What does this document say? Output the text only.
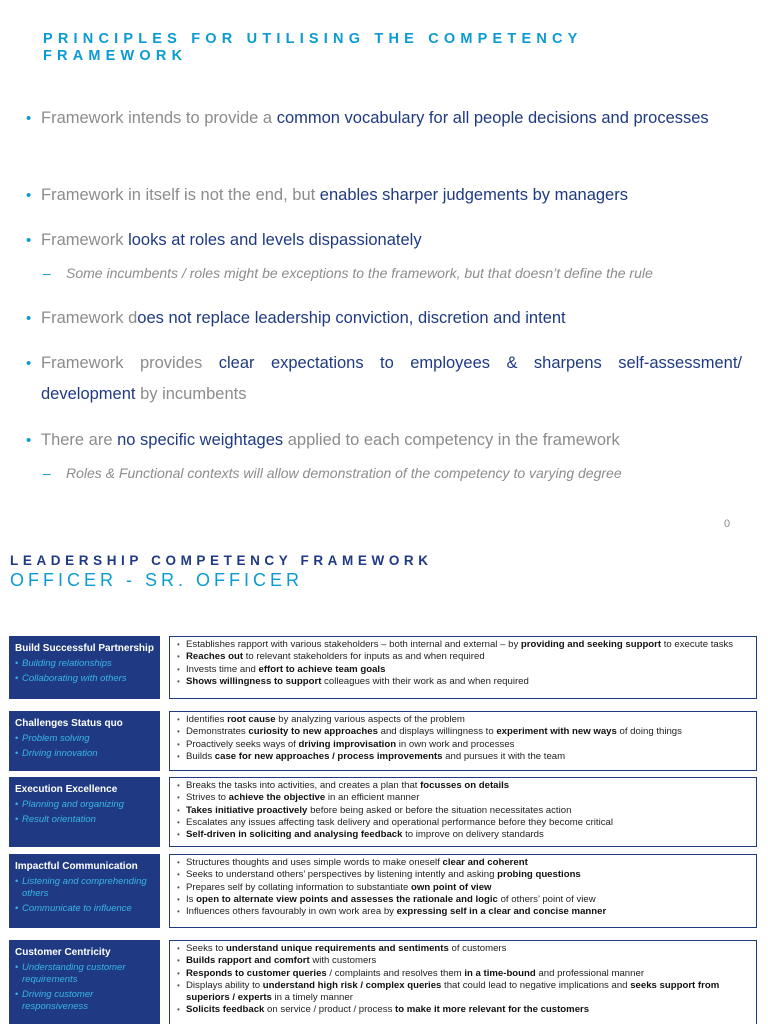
PRINCIPLES FOR UTILISING THE COMPETENCY FRAMEWORK
• Framework intends to provide a common vocabulary for all people decisions and processes
• Framework in itself is not the end, but enables sharper judgements by managers
• Framework looks at roles and levels dispassionately
– Some incumbents / roles might be exceptions to the framework, but that doesn’t define the rule
• Framework does not replace leadership conviction, discretion and intent
• Framework provides clear expectations to employees & sharpens self-assessment/ development by incumbents
• There are no specific weightages applied to each competency in the framework
– Roles & Functional contexts will allow demonstration of the competency to varying degree
0
LEADERSHIP COMPETENCY FRAMEWORK
OFFICER - SR. OFFICER
Build Successful Partnership
• Building relationships
• Collaborating with others
• Establishes rapport with various stakeholders – both internal and external – by providing and seeking support to execute tasks
• Reaches out to relevant stakeholders for inputs as and when required
• Invests time and effort to achieve team goals
• Shows willingness to support colleagues with their work as and when required
Challenges Status quo
• Problem solving
• Driving innovation
• Identifies root cause by analyzing various aspects of the problem
• Demonstrates curiosity to new approaches and displays willingness to experiment with new ways of doing things
• Proactively seeks ways of driving improvisation in own work and processes
• Builds case for new approaches / process improvements and pursues it with the team
Execution Excellence
• Planning and organizing
• Result orientation
• Breaks the tasks into activities, and creates a plan that focusses on details
• Strives to achieve the objective in an efficient manner
• Takes initiative proactively before being asked or before the situation necessitates action
• Escalates any issues affecting task delivery and operational performance before they become critical
• Self-driven in soliciting and analysing feedback to improve on delivery standards
Impactful Communication
• Listening and comprehending others
• Communicate to influence
• Structures thoughts and uses simple words to make oneself clear and coherent
• Seeks to understand others’ perspectives by listening intently and asking probing questions
• Prepares self by collating information to substantiate own point of view
• Is open to alternate view points and assesses the rationale and logic of others’ point of view
• Influences others favourably in own work area by expressing self in a clear and concise manner
Customer Centricity
• Understanding customer requirements
• Driving customer responsiveness
• Seeks to understand unique requirements and sentiments of customers
• Builds rapport and comfort with customers
• Responds to customer queries / complaints and resolves them in a time-bound and professional manner
• Displays ability to understand high risk / complex queries that could lead to negative implications and seeks support from superiors / experts in a timely manner
• Solicits feedback on service / product / process to make it more relevant for the customers
